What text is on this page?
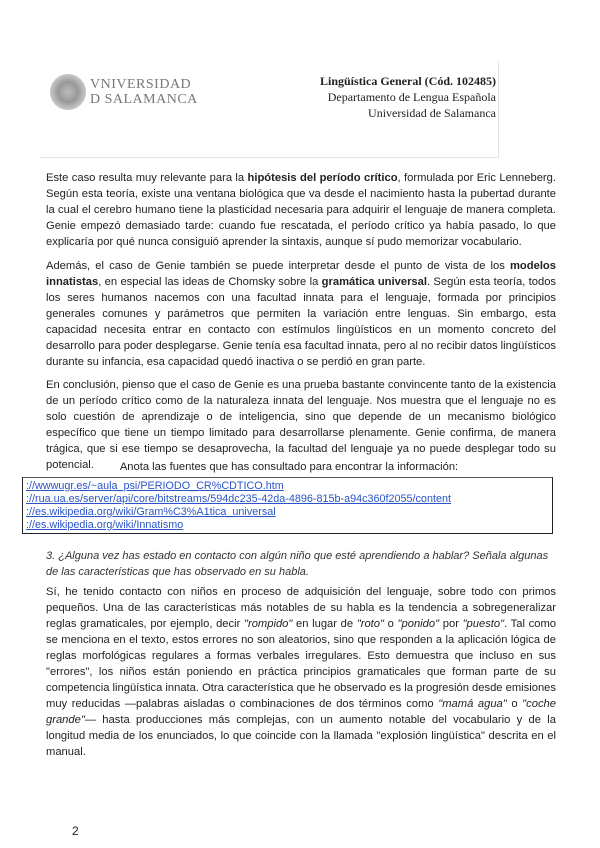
VNIVERSIDAD
D SALAMANCA
Lingüística General (Cód. 102485)
Departamento de Lengua Española
Universidad de Salamanca

Este caso resulta muy relevante para la hipótesis del período crítico, formulada por Eric Lenneberg. Según esta teoría, existe una ventana biológica que va desde el nacimiento hasta la pubertad durante la cual el cerebro humano tiene la plasticidad necesaria para adquirir el lenguaje de manera completa. Genie empezó demasiado tarde: cuando fue rescatada, el período crítico ya había pasado, lo que explicaría por qué nunca consiguió aprender la sintaxis, aunque sí pudo memorizar vocabulario.

Además, el caso de Genie también se puede interpretar desde el punto de vista de los modelos innatistas, en especial las ideas de Chomsky sobre la gramática universal. Según esta teoría, todos los seres humanos nacemos con una facultad innata para el lenguaje, formada por principios generales comunes y parámetros que permiten la variación entre lenguas. Sin embargo, esta capacidad necesita entrar en contacto con estímulos lingüísticos en un momento concreto del desarrollo para poder desplegarse. Genie tenía esa facultad innata, pero al no recibir datos lingüísticos durante su infancia, esa capacidad quedó inactiva o se perdió en gran parte.

En conclusión, pienso que el caso de Genie es una prueba bastante convincente tanto de la existencia de un período crítico como de la naturaleza innata del lenguaje. Nos muestra que el lenguaje no es solo cuestión de aprendizaje o de inteligencia, sino que depende de un mecanismo biológico específico que tiene un tiempo limitado para desarrollarse plenamente. Genie confirma, de manera trágica, que si ese tiempo se desaprovecha, la facultad del lenguaje ya no puede desplegar todo su potencial.	Anota las fuentes que has consultado para encontrar la información:
://wwwugr.es/~aula_psi/PERIODO_CR%CDTICO.htm
://rua.ua.es/server/api/core/bitstreams/594dc235-42da-4896-815b-a94c360f2055/content
://es.wikipedia.org/wiki/Gram%C3%A1tica_universal
://es.wikipedia.org/wiki/Innatismo
3. ¿Alguna vez has estado en contacto con algún niño que esté aprendiendo a hablar? Señala algunas de las características que has observado en su habla.

Sí, he tenido contacto con niños en proceso de adquisición del lenguaje, sobre todo con primos pequeños. Una de las características más notables de su habla es la tendencia a sobregeneralizar reglas gramaticales, por ejemplo, decir "rompido" en lugar de "roto" o "ponido" por "puesto". Tal como se menciona en el texto, estos errores no son aleatorios, sino que responden a la aplicación lógica de reglas morfológicas regulares a formas verbales irregulares. Esto demuestra que incluso en sus "errores", los niños están poniendo en práctica principios gramaticales que forman parte de su competencia lingüística innata. Otra característica que he observado es la progresión desde emisiones muy reducidas —palabras aisladas o combinaciones de dos términos como "mamá agua" o "coche grande"— hasta producciones más complejas, con un aumento notable del vocabulario y de la longitud media de los enunciados, lo que coincide con la llamada "explosión lingüística" descrita en el manual.

2
